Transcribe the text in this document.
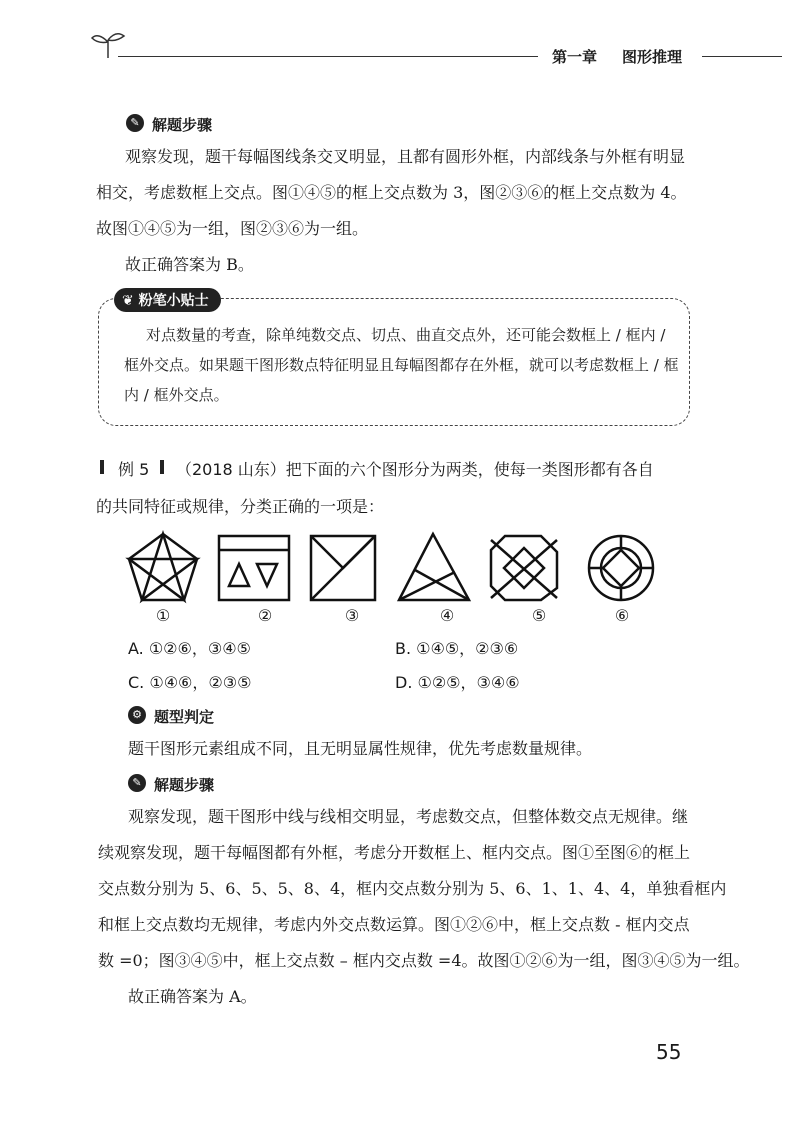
第一章 图形推理
✎ 解题步骤
观察发现，题干每幅图线条交叉明显，且都有圆形外框，内部线条与外框有明显
相交，考虑数框上交点。图①④⑤的框上交点数为 3，图②③⑥的框上交点数为 4。
故图①④⑤为一组，图②③⑥为一组。
故正确答案为 B。
❦ 粉笔小贴士
对点数量的考查，除单纯数交点、切点、曲直交点外，还可能会数框上 / 框内 /
框外交点。如果题干图形数点特征明显且每幅图都存在外框，就可以考虑数框上 / 框
内 / 框外交点。
例 5 （2018 山东）把下面的六个图形分为两类，使每一类图形都有各自
的共同特征或规律，分类正确的一项是：
①	②	③	④	⑤	⑥
A. ①②⑥，③④⑤	B. ①④⑤，②③⑥
C. ①④⑥，②③⑤	D. ①②⑤，③④⑥
⚙ 题型判定
题干图形元素组成不同，且无明显属性规律，优先考虑数量规律。
✎ 解题步骤
观察发现，题干图形中线与线相交明显，考虑数交点，但整体数交点无规律。继
续观察发现，题干每幅图都有外框，考虑分开数框上、框内交点。图①至图⑥的框上
交点数分别为 5、6、5、5、8、4，框内交点数分别为 5、6、1、1、4、4，单独看框内
和框上交点数均无规律，考虑内外交点数运算。图①②⑥中，框上交点数 - 框内交点
数 =0；图③④⑤中，框上交点数 – 框内交点数 =4。故图①②⑥为一组，图③④⑤为一组。
故正确答案为 A。
55
